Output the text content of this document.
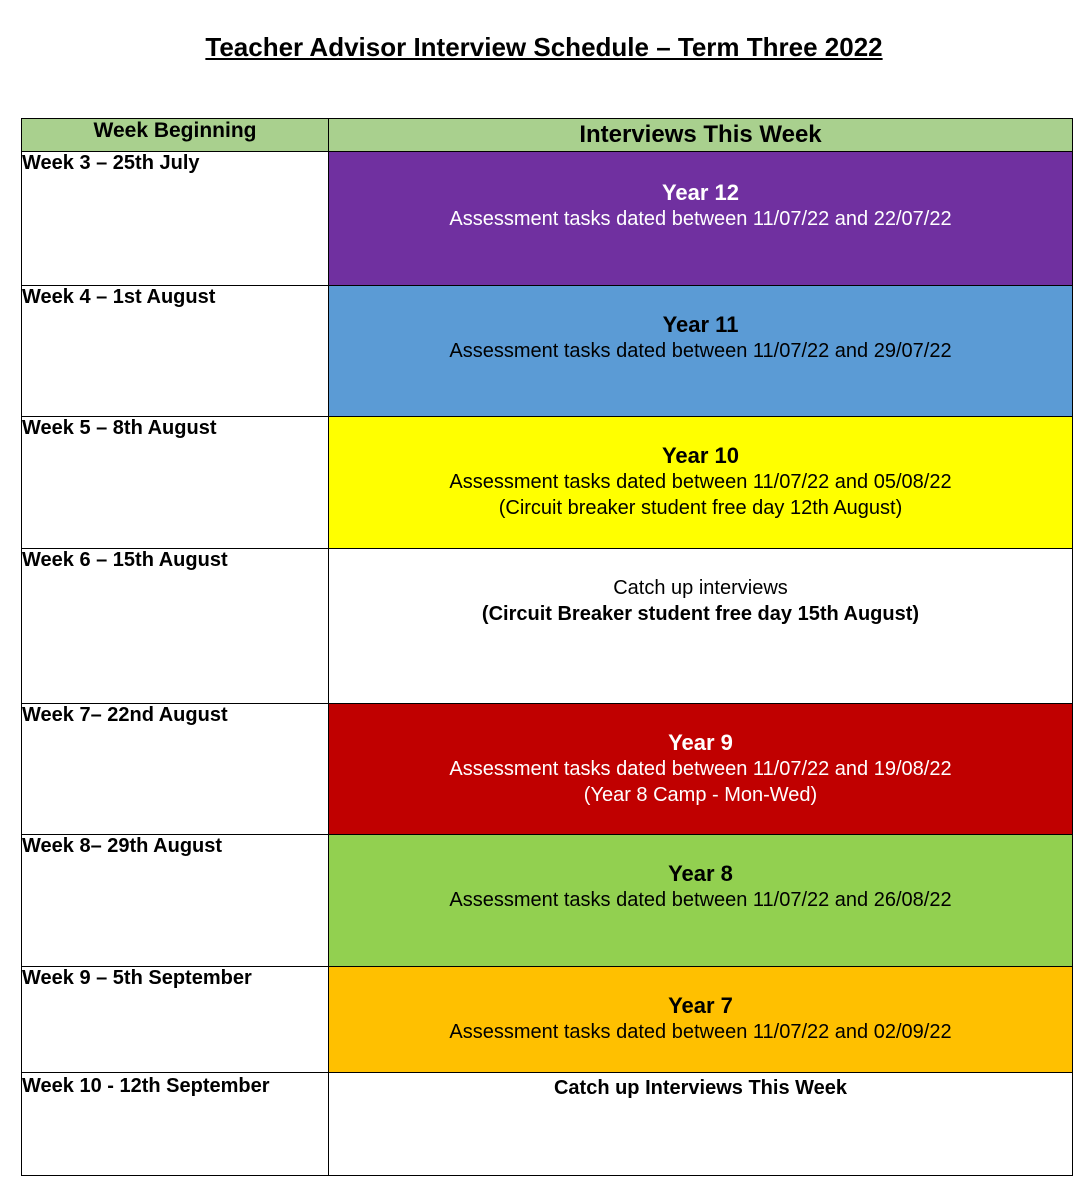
Teacher Advisor Interview Schedule – Term Three 2022
Week Beginning	Interviews This Week
Week 3 – 25th July	Year 12
Assessment tasks dated between 11/07/22 and 22/07/22

Week 4 – 1st August	Year 11
Assessment tasks dated between 11/07/22 and 29/07/22

Week 5 – 8th August	Year 10
Assessment tasks dated between 11/07/22 and 05/08/22
(Circuit breaker student free day 12th August)

Week 6 – 15th August	Catch up interviews
(Circuit Breaker student free day 15th August)

Week 7– 22nd August	Year 9
Assessment tasks dated between 11/07/22 and 19/08/22
(Year 8 Camp - Mon-Wed)

Week 8– 29th August	Year 8
Assessment tasks dated between 11/07/22 and 26/08/22

Week 9 – 5th September	Year 7
Assessment tasks dated between 11/07/22 and 02/09/22

Week 10 - 12th September	Catch up Interviews This Week
